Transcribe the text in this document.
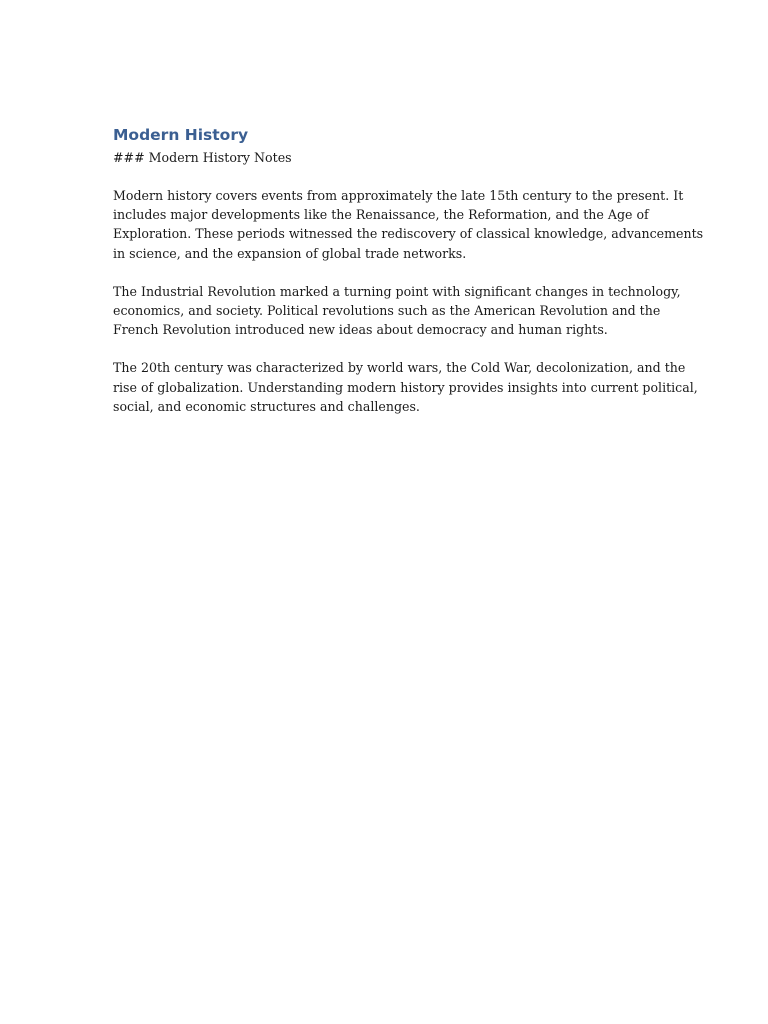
Modern History

### Modern History Notes

Modern history covers events from approximately the late 15th century to the present. It
includes major developments like the Renaissance, the Reformation, and the Age of
Exploration. These periods witnessed the rediscovery of classical knowledge, advancements
in science, and the expansion of global trade networks.

The Industrial Revolution marked a turning point with significant changes in technology,
economics, and society. Political revolutions such as the American Revolution and the
French Revolution introduced new ideas about democracy and human rights.

The 20th century was characterized by world wars, the Cold War, decolonization, and the
rise of globalization. Understanding modern history provides insights into current political,
social, and economic structures and challenges.
